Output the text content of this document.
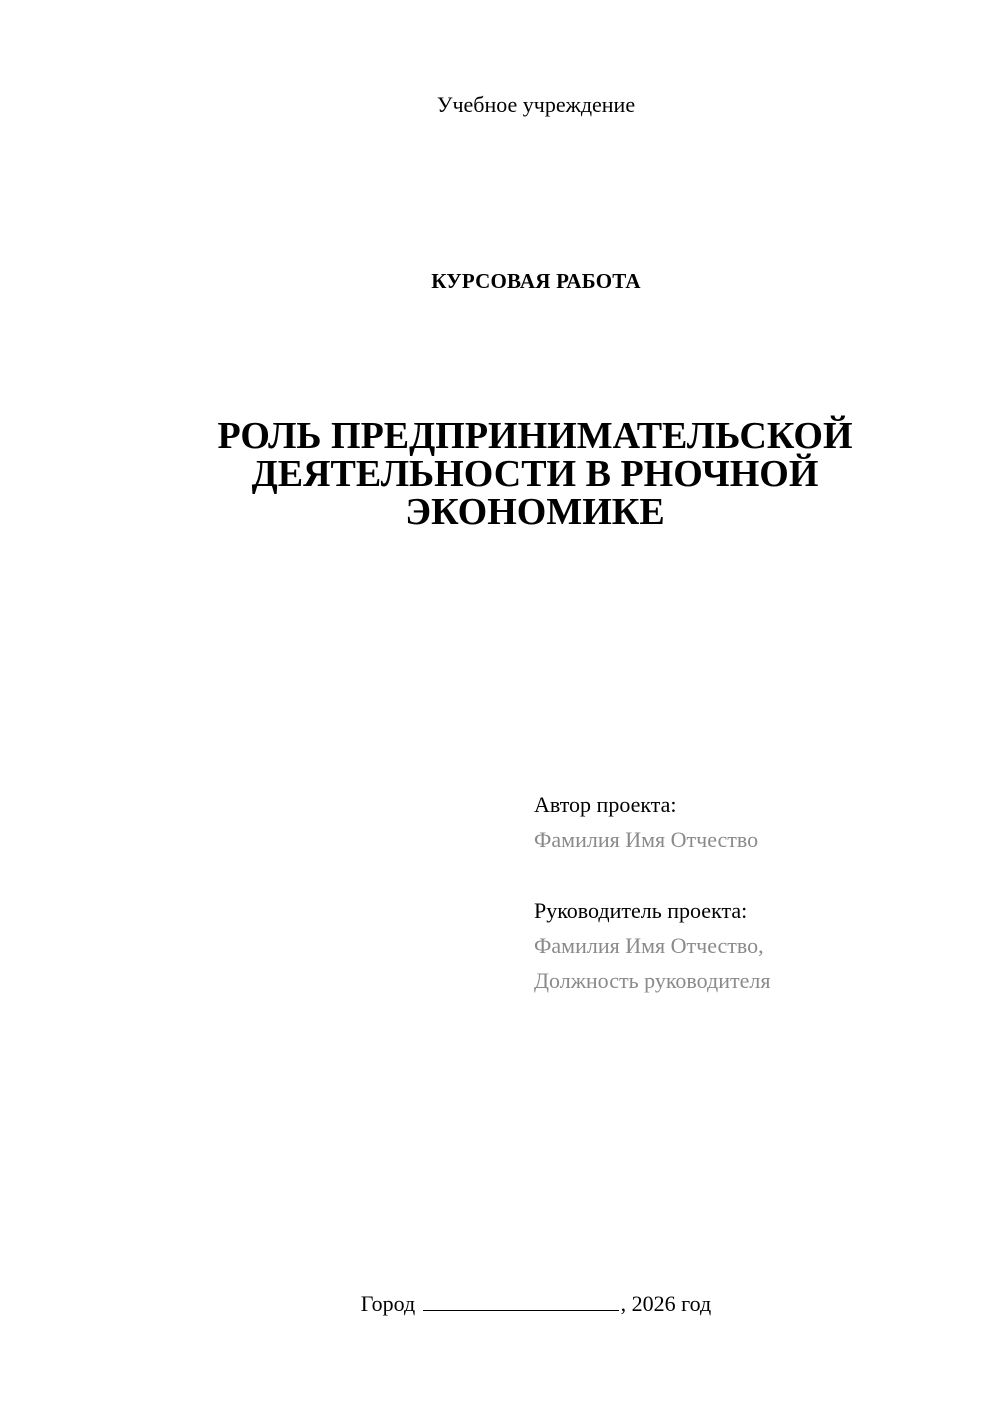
Учебное учреждение
КУРСОВАЯ РАБОТА
РОЛЬ ПРЕДПРИНИМАТЕЛЬСКОЙ
ДЕЯТЕЛЬНОСТИ В РНОЧНОЙ
ЭКОНОМИКЕ
Автор проекта:
Фамилия Имя Отчество
Руководитель проекта:
Фамилия Имя Отчество,
Должность руководителя
Город	, 2026 год
